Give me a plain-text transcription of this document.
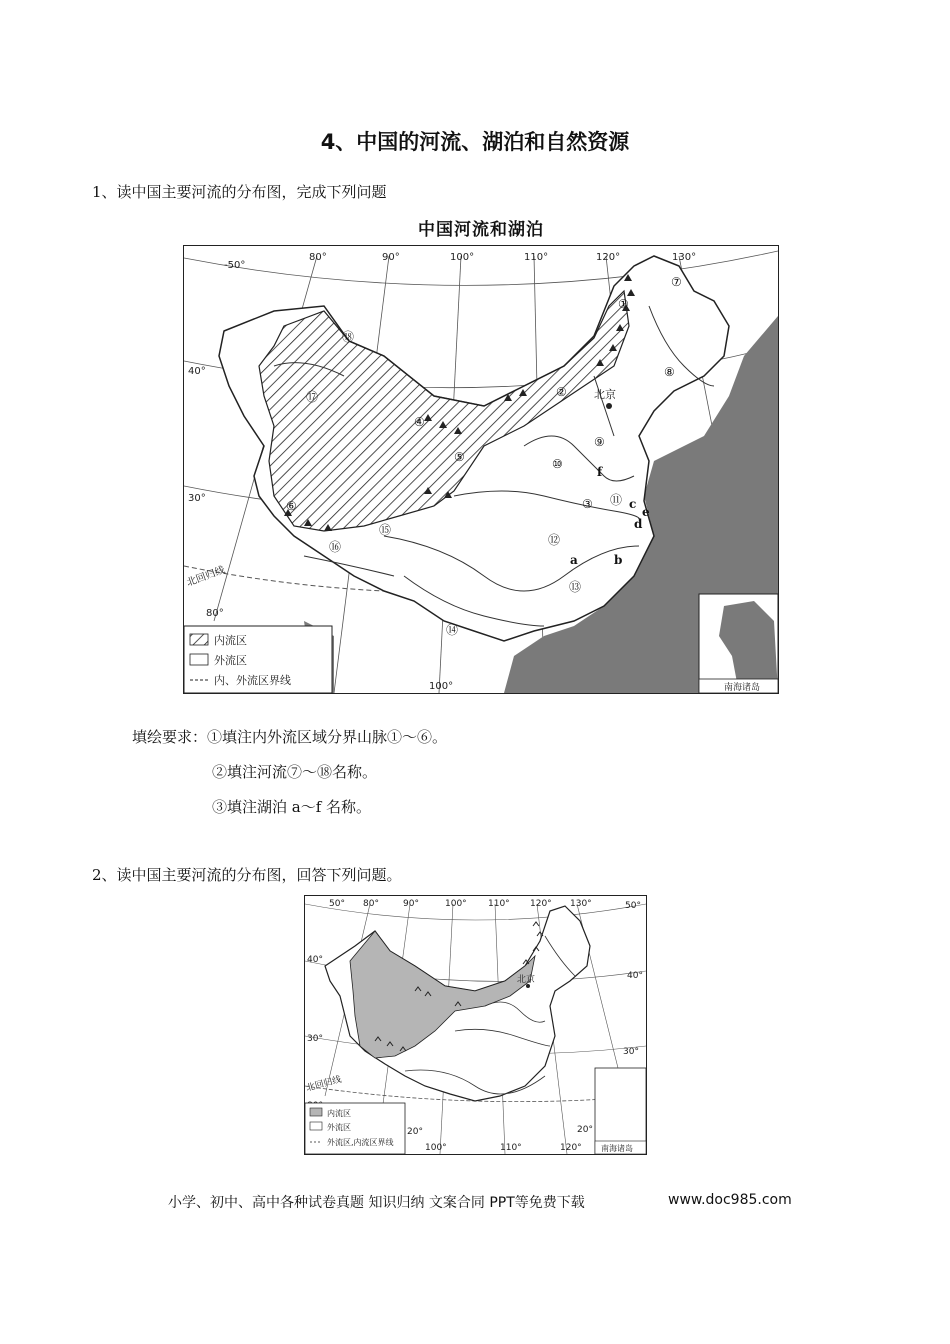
4、中国的河流、湖泊和自然资源
1、读中国主要河流的分布图，完成下列问题
中国河流和湖泊
北京
80°	90°	100°	110°	120°	130°
80°
100°
-50°
40°
30°
北回归线
①
②
③
④
⑤
⑥
⑦
⑧
⑨
⑩
⑪
⑫
⑬
⑭
⑮
⑯
⑰
⑱
a	b
c
d
e
f
内流区
外流区
内、外流区界线
南海诸岛
填绘要求：①填注内外流区域分界山脉①～⑥。
②填注河流⑦～⑱名称。
③填注湖泊 a～f 名称。
2、读中国主要河流的分布图，回答下列问题。
北京
80°	90°	100° 110° 120° 130°
100°	110°	120°
50°	50°
40°
40°
30°
30°
20°	20°
北回归线
内流区
外流区
外流区,内流区界线
南海诸岛
小学、初中、高中各种试卷真题 知识归纳 文案合同 PPT等免费下载	www.doc985.com
